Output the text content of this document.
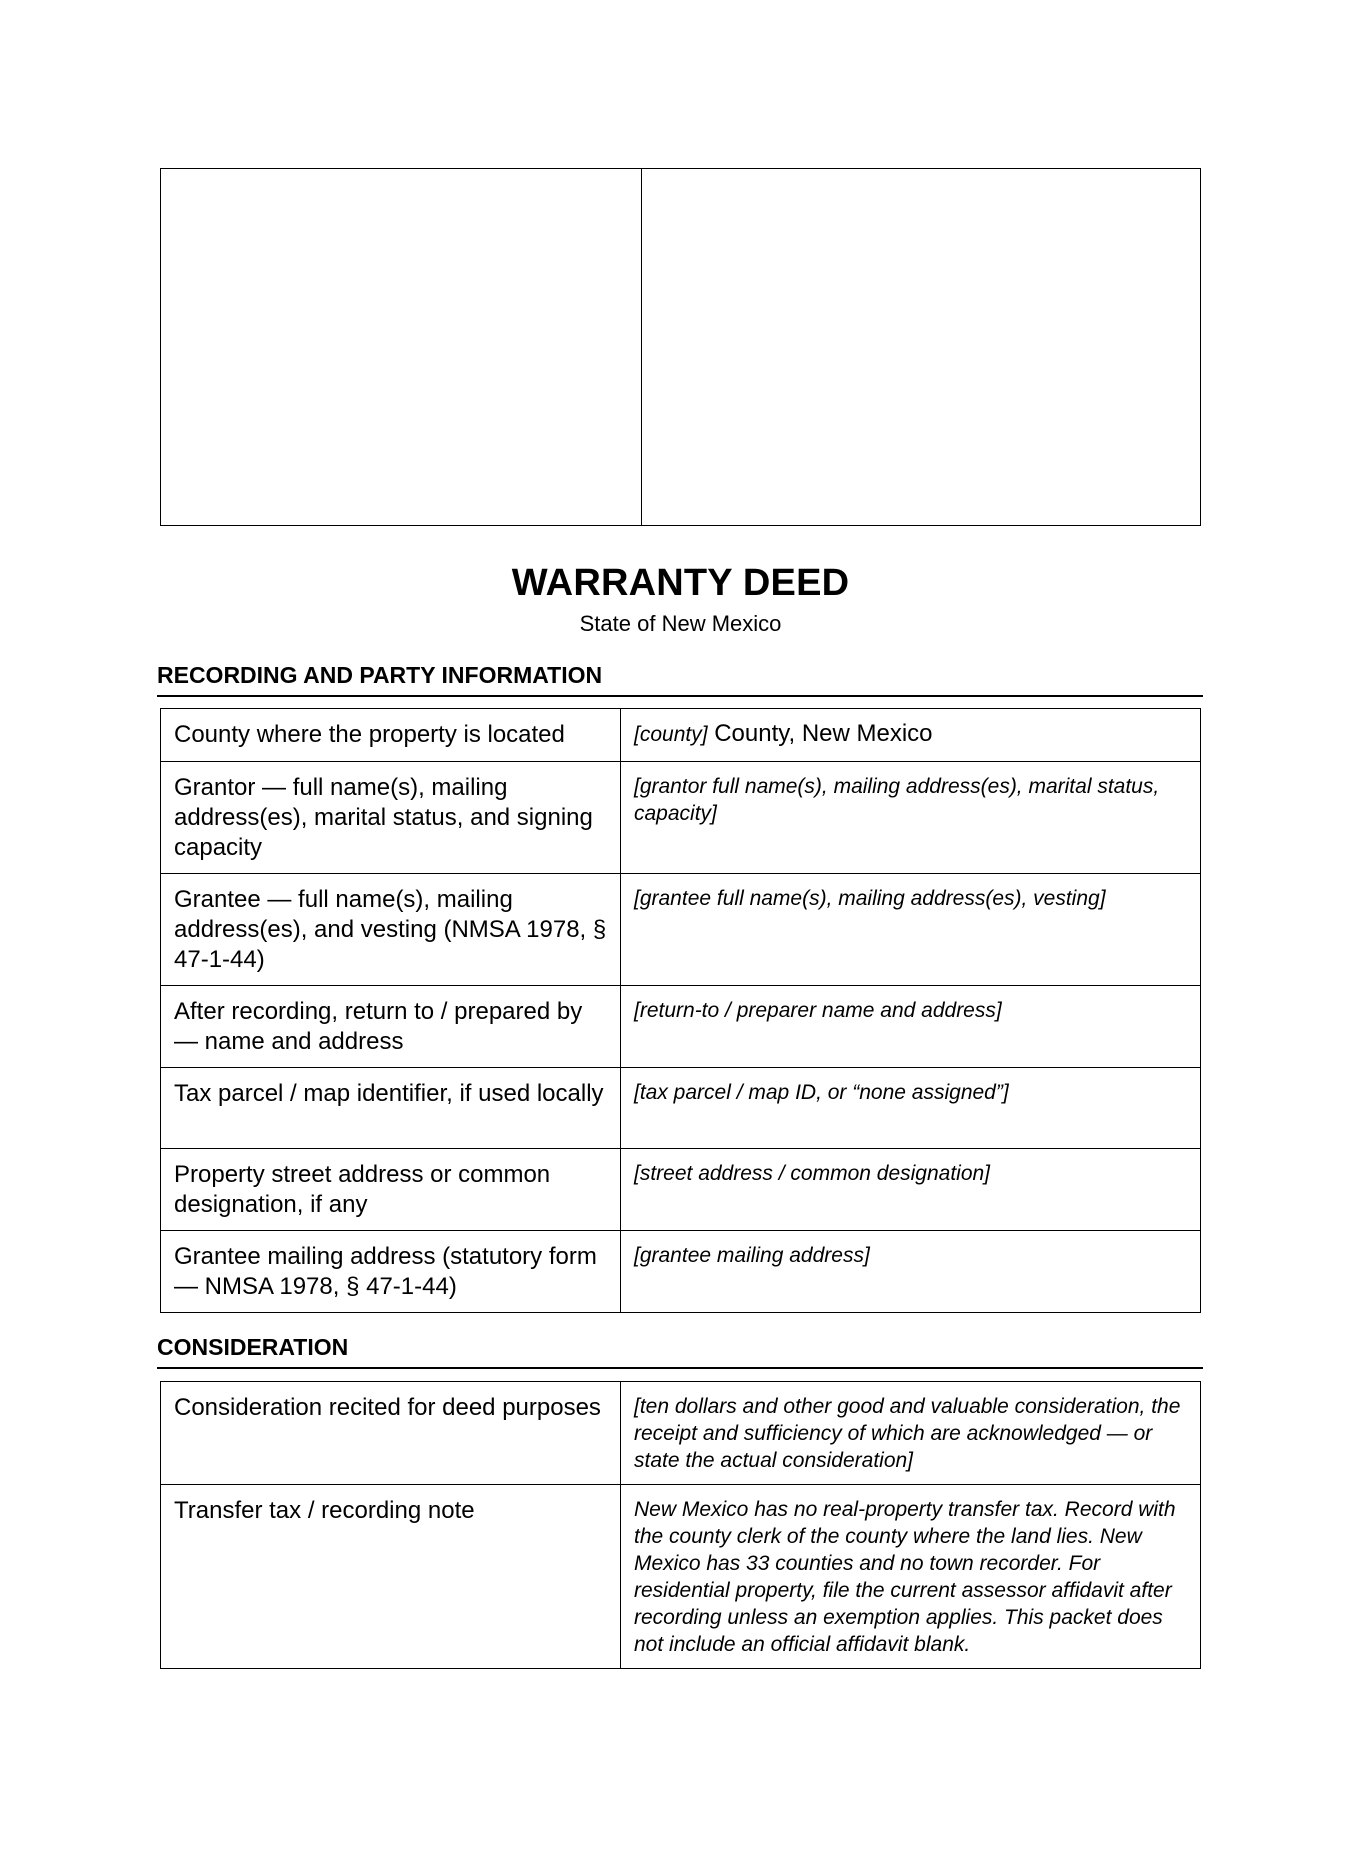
WARRANTY DEED
State of New Mexico
RECORDING AND PARTY INFORMATION
County where the property is located	[county] County, New Mexico
Grantor — full name(s), mailing address(es), marital status, and signing capacity	[grantor full name(s), mailing address(es), marital status, capacity]
Grantee — full name(s), mailing address(es), and vesting (NMSA 1978, § 47-1-44)	[grantee full name(s), mailing address(es), vesting]
After recording, return to / prepared by — name and address	[return-to / preparer name and address]
Tax parcel / map identifier, if used locally	[tax parcel / map ID, or “none assigned”]
Property street address or common designation, if any	[street address / common designation]
Grantee mailing address (statutory form — NMSA 1978, § 47-1-44)	[grantee mailing address]
CONSIDERATION
Consideration recited for deed purposes	[ten dollars and other good and valuable consideration, the receipt and sufficiency of which are acknowledged — or state the actual consideration]
Transfer tax / recording note	New Mexico has no real-property transfer tax. Record with the county clerk of the county where the land lies. New Mexico has 33 counties and no town recorder. For residential property, file the current assessor affidavit after recording unless an exemption applies. This packet does not include an official affidavit blank.
